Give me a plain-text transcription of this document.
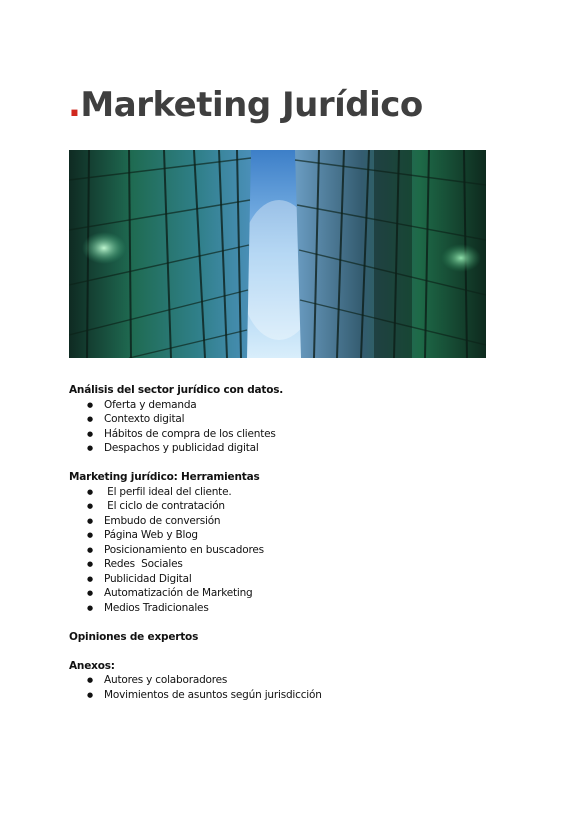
.Marketing Jurídico

Análisis del sector jurídico con datos.

● Oferta y demanda
● Contexto digital
● Hábitos de compra de los clientes
● Despachos y publicidad digital

Marketing jurídico: Herramientas

●  El perfil ideal del cliente.
●  El ciclo de contratación
● Embudo de conversión
● Página Web y Blog
● Posicionamiento en buscadores
● Redes  Sociales
● Publicidad Digital
● Automatización de Marketing
● Medios Tradicionales

Opiniones de expertos

Anexos:

● Autores y colaboradores
● Movimientos de asuntos según jurisdicción
